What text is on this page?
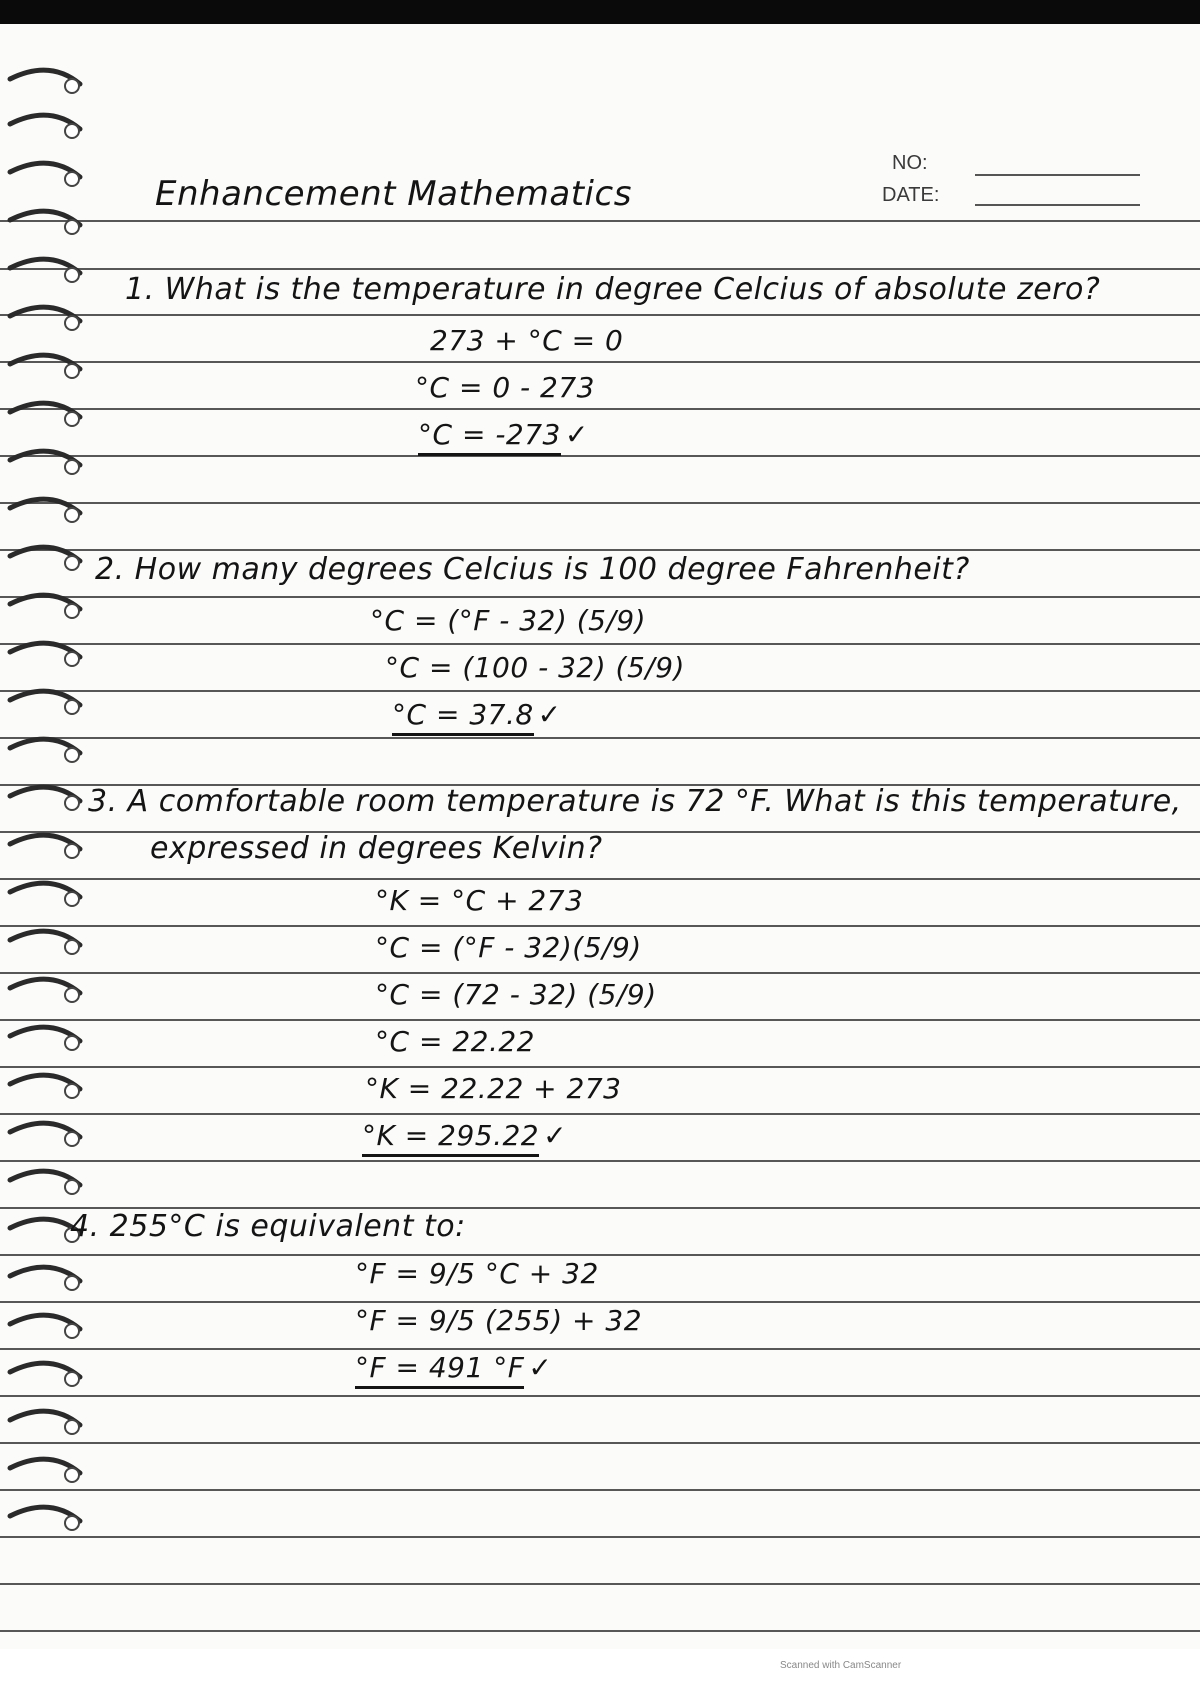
NO:
DATE:
Enhancement Mathematics
1. What is the temperature in degree Celcius of absolute zero?
273 + °C = 0
°C = 0 - 273
°C = -273 ✓
2. How many degrees Celcius is 100 degree Fahrenheit?
°C = (°F - 32) (5/9)
°C = (100 - 32) (5/9)
°C = 37.8 ✓
3. A comfortable room temperature is 72 °F. What is this temperature,
expressed in degrees Kelvin?
°K = °C + 273
°C = (°F - 32)(5/9)
°C = (72 - 32) (5/9)
°C = 22.22
°K = 22.22 + 273
°K = 295.22 ✓
4. 255°C is equivalent to:
°F = 9/5 °C + 32
°F = 9/5 (255) + 32
°F = 491 °F ✓
Scanned with CamScanner
